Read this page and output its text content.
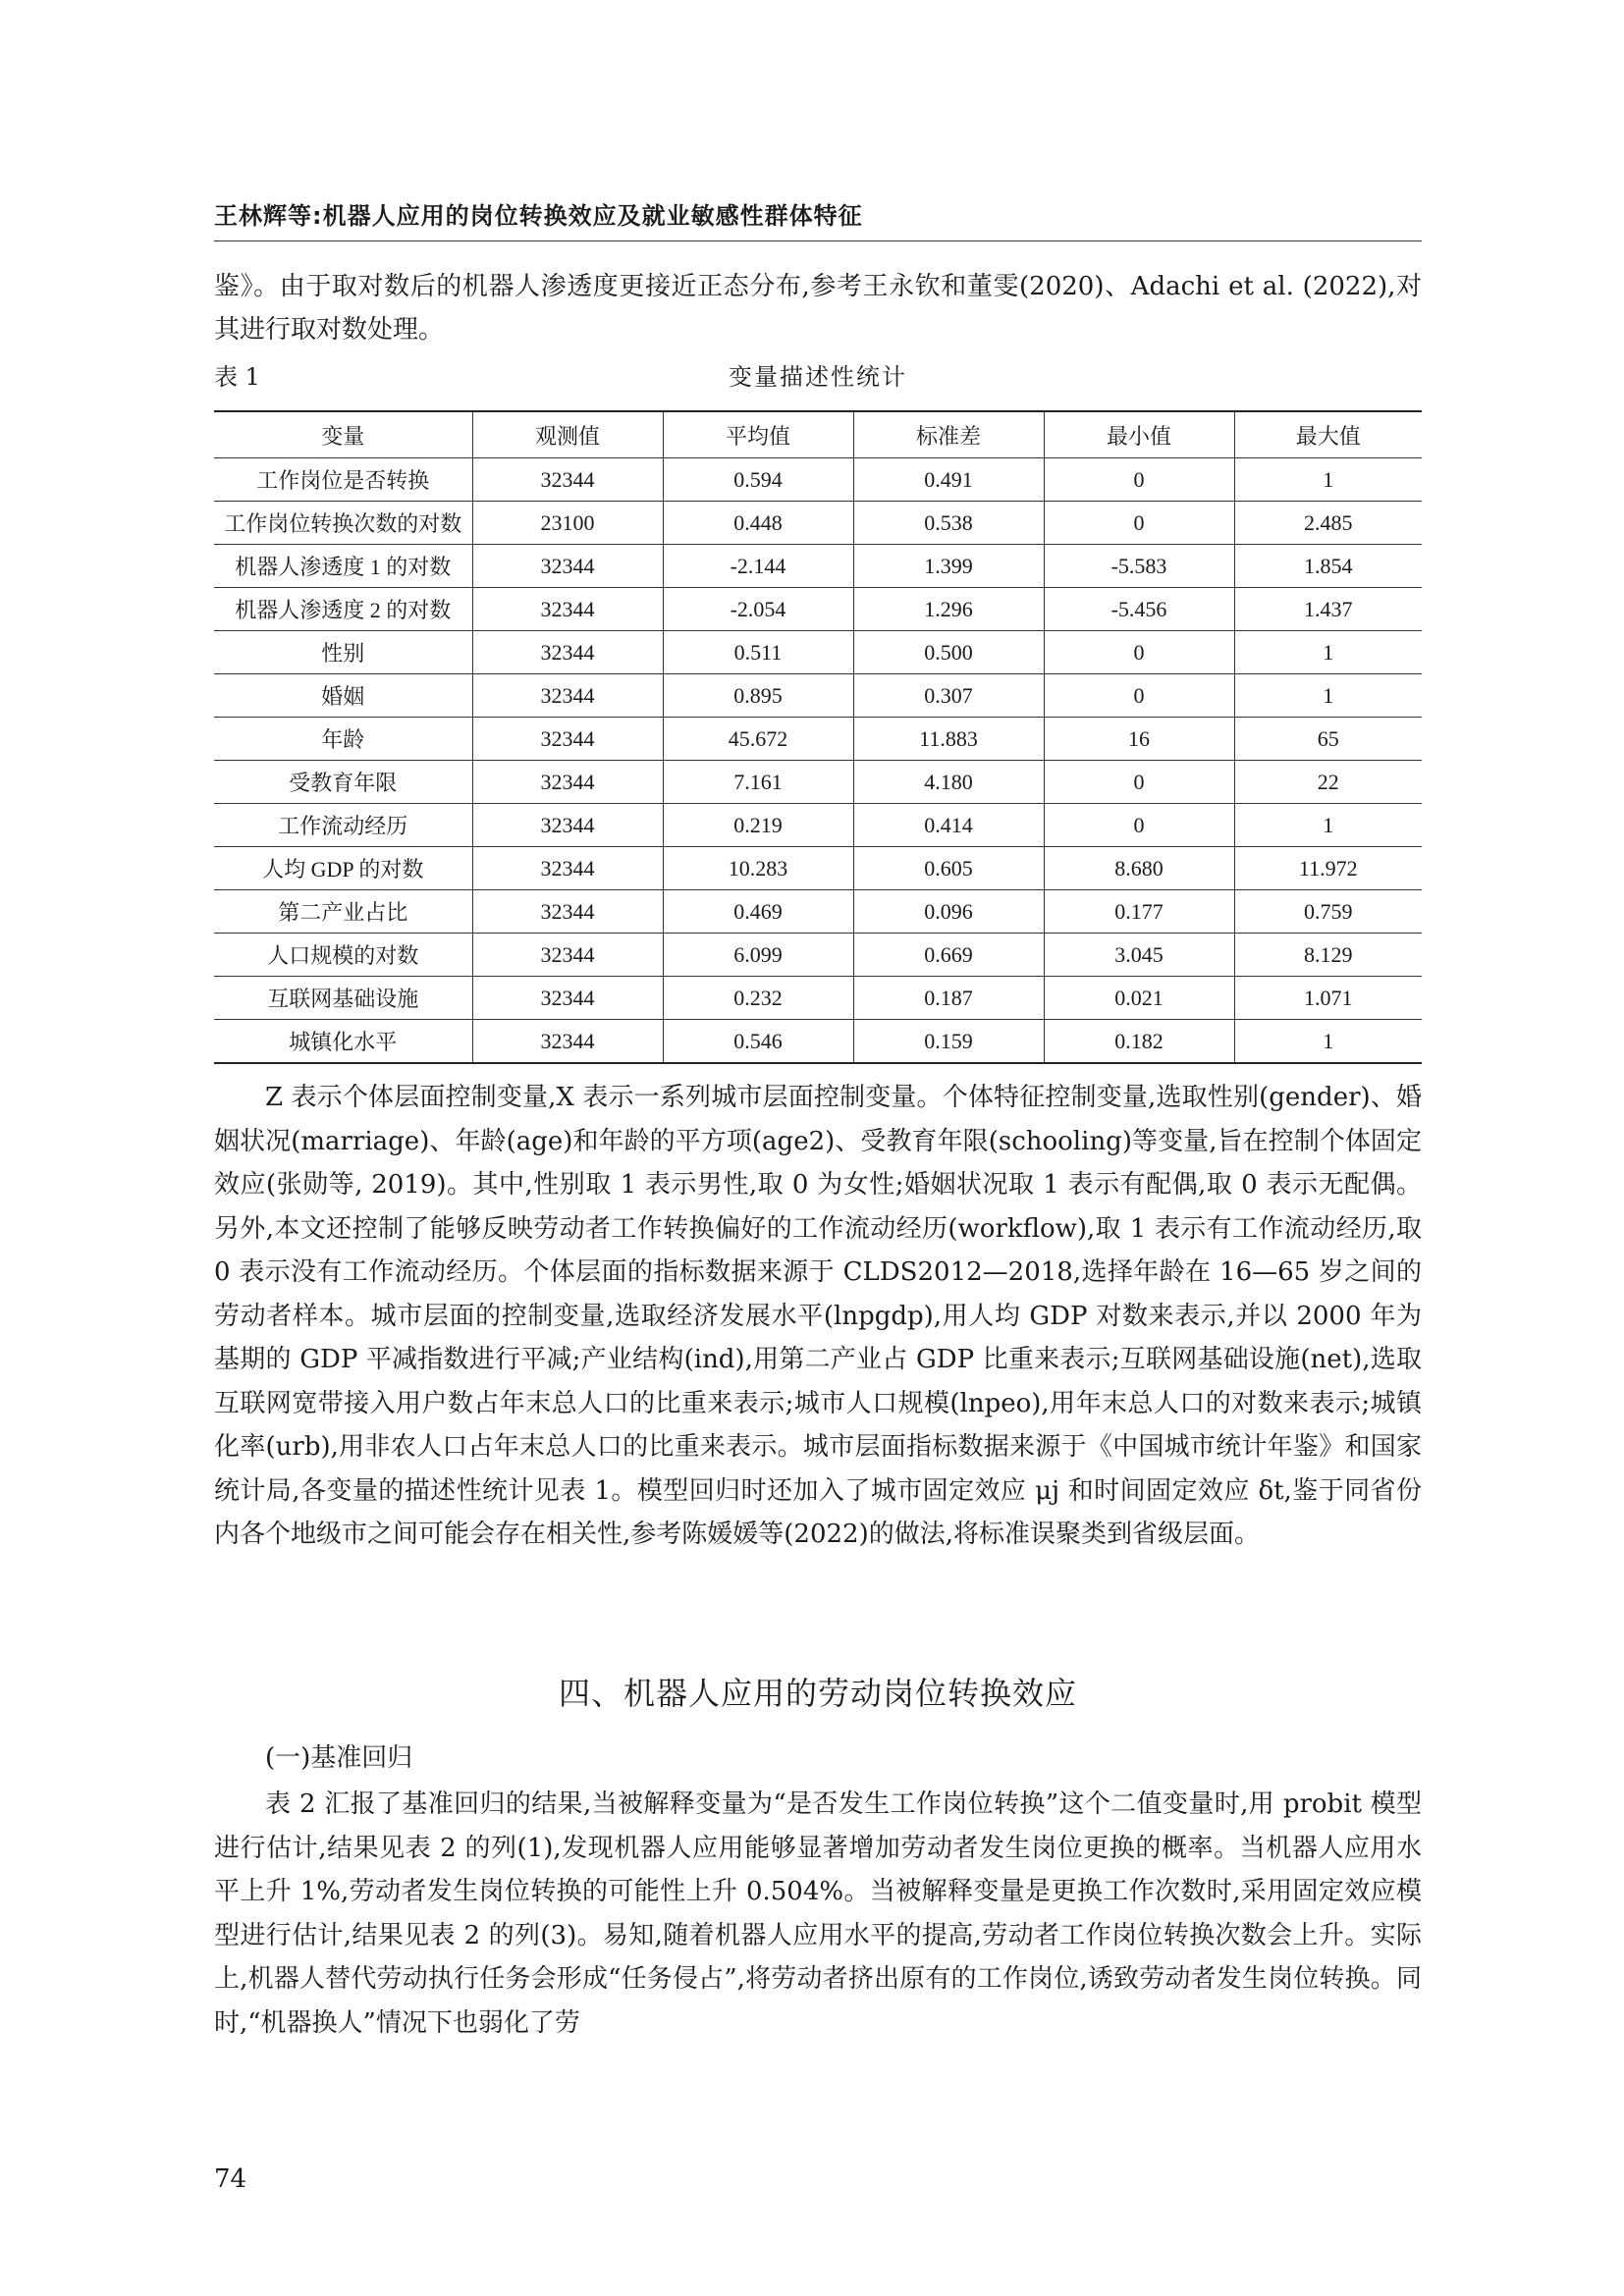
王林辉等:机器人应用的岗位转换效应及就业敏感性群体特征

鉴》。由于取对数后的机器人渗透度更接近正态分布,参考王永钦和董雯(2020)、Adachi et al. (2022),对其进行取对数处理。

表 1	变量描述性统计
变量	观测值	平均值	标准差	最小值	最大值
工作岗位是否转换	32344	0.594	0.491	0	1
工作岗位转换次数的对数	23100	0.448	0.538	0	2.485
机器人渗透度 1 的对数	32344	-2.144	1.399	-5.583	1.854
机器人渗透度 2 的对数	32344	-2.054	1.296	-5.456	1.437
性别	32344	0.511	0.500	0	1
婚姻	32344	0.895	0.307	0	1
年龄	32344	45.672	11.883	16	65
受教育年限	32344	7.161	4.180	0	22
工作流动经历	32344	0.219	0.414	0	1
人均 GDP 的对数	32344	10.283	0.605	8.680	11.972
第二产业占比	32344	0.469	0.096	0.177	0.759
人口规模的对数	32344	6.099	0.669	3.045	8.129
互联网基础设施	32344	0.232	0.187	0.021	1.071
城镇化水平	32344	0.546	0.159	0.182	1

Z 表示个体层面控制变量,X 表示一系列城市层面控制变量。个体特征控制变量,选取性别(gender)、婚姻状况(marriage)、年龄(age)和年龄的平方项(age2)、受教育年限(schooling)等变量,旨在控制个体固定效应(张勋等, 2019)。其中,性别取 1 表示男性,取 0 为女性;婚姻状况取 1 表示有配偶,取 0 表示无配偶。另外,本文还控制了能够反映劳动者工作转换偏好的工作流动经历(workflow),取 1 表示有工作流动经历,取 0 表示没有工作流动经历。个体层面的指标数据来源于 CLDS2012—2018,选择年龄在 16—65 岁之间的劳动者样本。城市层面的控制变量,选取经济发展水平(lnpgdp),用人均 GDP 对数来表示,并以 2000 年为基期的 GDP 平减指数进行平减;产业结构(ind),用第二产业占 GDP 比重来表示;互联网基础设施(net),选取互联网宽带接入用户数占年末总人口的比重来表示;城市人口规模(lnpeo),用年末总人口的对数来表示;城镇化率(urb),用非农人口占年末总人口的比重来表示。城市层面指标数据来源于《中国城市统计年鉴》和国家统计局,各变量的描述性统计见表 1。模型回归时还加入了城市固定效应 μj 和时间固定效应 δt,鉴于同省份内各个地级市之间可能会存在相关性,参考陈媛媛等(2022)的做法,将标准误聚类到省级层面。

四、机器人应用的劳动岗位转换效应
(一)基准回归

表 2 汇报了基准回归的结果,当被解释变量为“是否发生工作岗位转换”这个二值变量时,用 probit 模型进行估计,结果见表 2 的列(1),发现机器人应用能够显著增加劳动者发生岗位更换的概率。当机器人应用水平上升 1%,劳动者发生岗位转换的可能性上升 0.504%。当被解释变量是更换工作次数时,采用固定效应模型进行估计,结果见表 2 的列(3)。易知,随着机器人应用水平的提高,劳动者工作岗位转换次数会上升。实际上,机器人替代劳动执行任务会形成“任务侵占”,将劳动者挤出原有的工作岗位,诱致劳动者发生岗位转换。同时,“机器换人”情况下也弱化了劳

74
